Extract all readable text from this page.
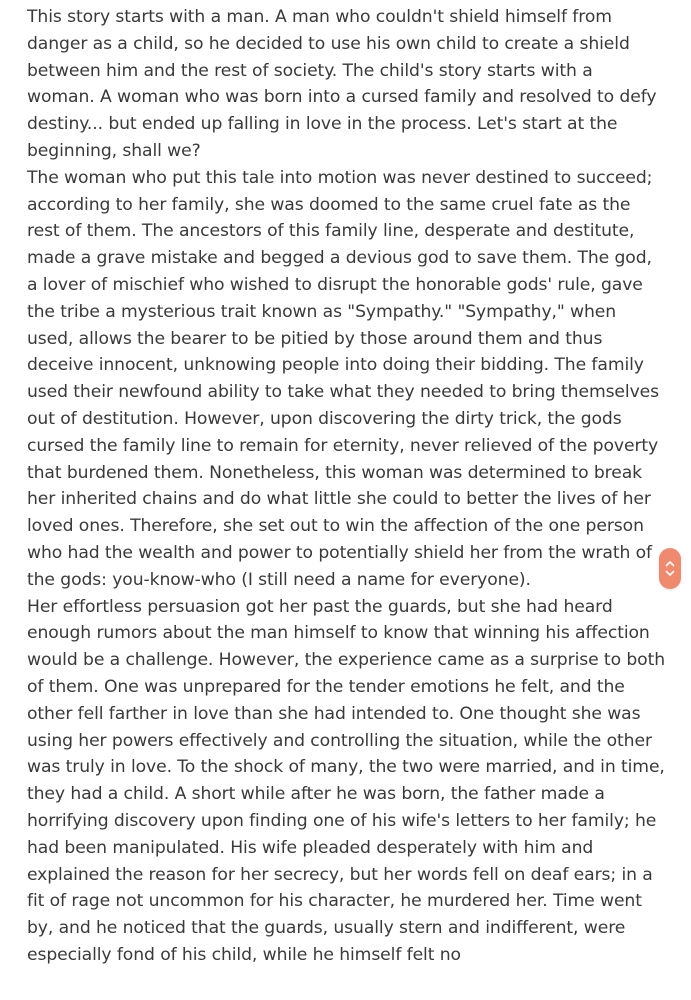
This story starts with a man. A man who couldn't shield himself from danger as a child, so he decided to use his own child to create a shield between him and the rest of society. The child's story starts with a woman. A woman who was born into a cursed family and resolved to defy destiny... but ended up falling in love in the process. Let's start at the beginning, shall we?

The woman who put this tale into motion was never destined to succeed; according to her family, she was doomed to the same cruel fate as the rest of them. The ancestors of this family line, desperate and destitute, made a grave mistake and begged a devious god to save them. The god, a lover of mischief who wished to disrupt the honorable gods' rule, gave the tribe a mysterious trait known as "Sympathy." "Sympathy," when used, allows the bearer to be pitied by those around them and thus deceive innocent, unknowing people into doing their bidding. The family used their newfound ability to take what they needed to bring themselves out of destitution. However, upon discovering the dirty trick, the gods cursed the family line to remain for eternity, never relieved of the poverty that burdened them. Nonetheless, this woman was determined to break her inherited chains and do what little she could to better the lives of her loved ones. Therefore, she set out to win the affection of the one person who had the wealth and power to potentially shield her from the wrath of the gods: you-know-who (I still need a name for everyone).

Her effortless persuasion got her past the guards, but she had heard enough rumors about the man himself to know that winning his affection would be a challenge. However, the experience came as a surprise to both of them. One was unprepared for the tender emotions he felt, and the other fell farther in love than she had intended to. One thought she was using her powers effectively and controlling the situation, while the other was truly in love. To the shock of many, the two were married, and in time, they had a child. A short while after he was born, the father made a horrifying discovery upon finding one of his wife's letters to her family; he had been manipulated. His wife pleaded desperately with him and explained the reason for her secrecy, but her words fell on deaf ears; in a fit of rage not uncommon for his character, he murdered her. Time went by, and he noticed that the guards, usually stern and indifferent, were especially fond of his child, while he himself felt no
